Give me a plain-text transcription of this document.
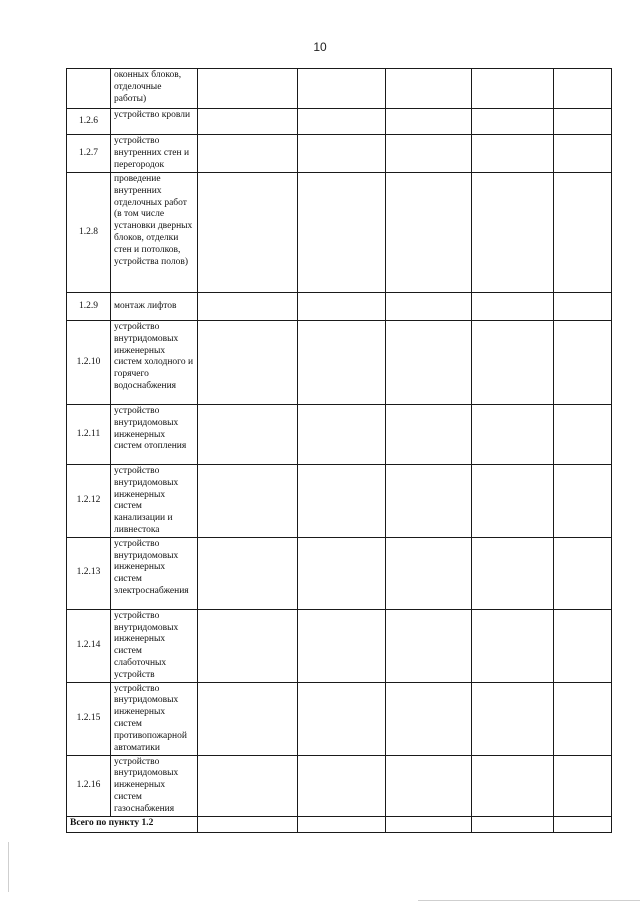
10
	оконных блоков, отделочные работы)					
1.2.6	устройство кровли					
1.2.7	устройство внутренних стен и перегородок					
1.2.8	проведение внутренних отделочных работ (в том числе установки дверных блоков, отделки стен и потолков, устройства полов)					
1.2.9	монтаж лифтов					
1.2.10	устройство внутридомовых инженерных систем холодного и горячего водоснабжения					
1.2.11	устройство внутридомовых инженерных систем отопления					
1.2.12	устройство внутридомовых инженерных систем канализации и ливнестока					
1.2.13	устройство внутридомовых инженерных систем электроснабжения					
1.2.14	устройство внутридомовых инженерных систем слаботочных устройств					
1.2.15	устройство внутридомовых инженерных систем противопожарной автоматики					
1.2.16	устройство внутридомовых инженерных систем газоснабжения					
Всего по пункту 1.2						
